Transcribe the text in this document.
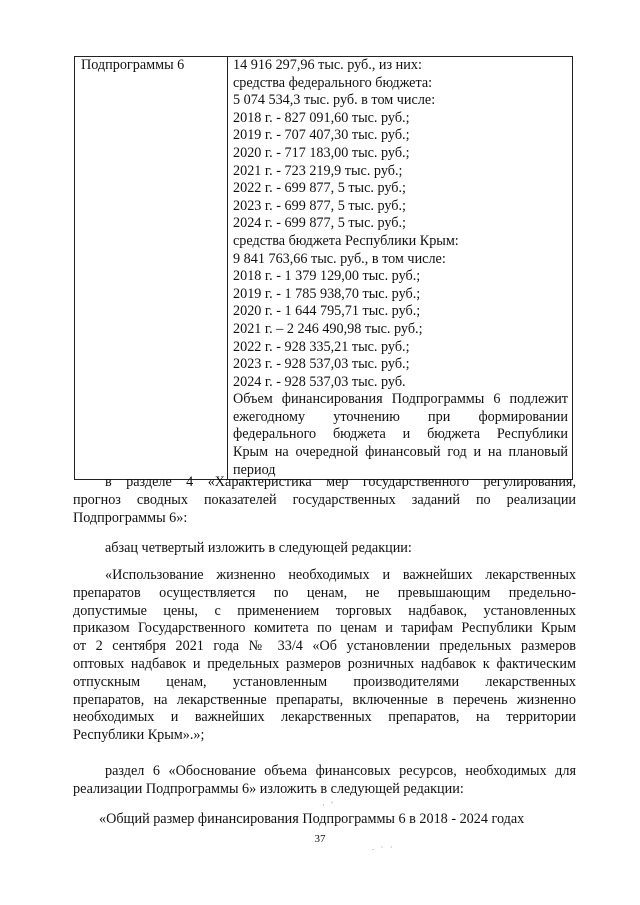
Подпрограммы 6	14 916 297,96 тыс. руб., из них:
средства федерального бюджета:
5 074 534,3 тыс. руб. в том числе:
2018 г. - 827 091,60 тыс. руб.;
2019 г. - 707 407,30 тыс. руб.;
2020 г. - 717 183,00 тыс. руб.;
2021 г. - 723 219,9 тыс. руб.;
2022 г. - 699 877, 5 тыс. руб.;
2023 г. - 699 877, 5 тыс. руб.;
2024 г. - 699 877, 5 тыс. руб.;
средства бюджета Республики Крым:
9 841 763,66 тыс. руб., в том числе:
2018 г. - 1 379 129,00 тыс. руб.;
2019 г. - 1 785 938,70 тыс. руб.;
2020 г. - 1 644 795,71 тыс. руб.;
2021 г. – 2 246 490,98 тыс. руб.;
2022 г. - 928 335,21 тыс. руб.;
2023 г. - 928 537,03 тыс. руб.;
2024 г. - 928 537,03 тыс. руб.
Объем финансирования Подпрограммы 6 подлежит
ежегодному уточнению при формировании
федерального бюджета и бюджета Республики
Крым на очередной финансовый год и на плановый
период
в разделе 4 «Характеристика мер государственного регулирования,
прогноз сводных показателей государственных заданий по реализации
Подпрограммы 6»:
абзац четвертый изложить в следующей редакции:
«Использование жизненно необходимых и важнейших лекарственных
препаратов осуществляется по ценам, не превышающим предельно-
допустимые цены, с применением торговых надбавок, установленных
приказом Государственного комитета по ценам и тарифам Республики Крым
от 2 сентября 2021 года № 33/4 «Об установлении предельных размеров
оптовых надбавок и предельных размеров розничных надбавок к фактическим
отпускным ценам, установленным производителями лекарственных
препаратов, на лекарственные препараты, включенные в перечень жизненно
необходимых и важнейших лекарственных препаратов, на территории
Республики Крым».»;
раздел 6 «Обоснование объема финансовых ресурсов, необходимых для
реализации Подпрограммы 6» изложить в следующей редакции:
«Общий размер финансирования Подпрограммы 6 в 2018 - 2024 годах
37
· '
. · ·
